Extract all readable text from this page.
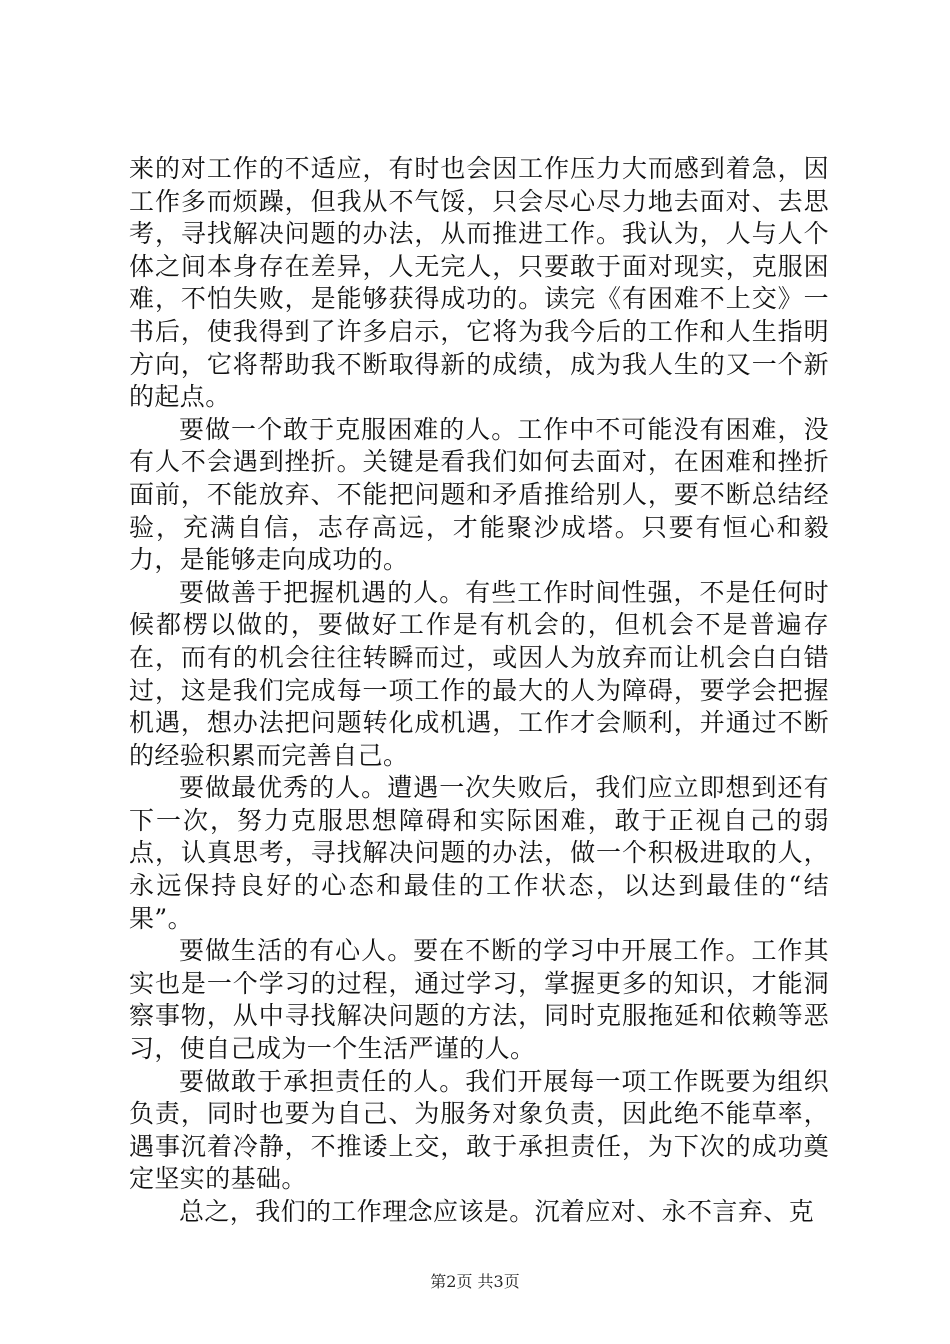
来的对工作的不适应，有时也会因工作压力大而感到着急，因工作多而烦躁，但我从不气馁，只会尽心尽力地去面对、去思考，寻找解决问题的办法，从而推进工作。我认为，人与人个体之间本身存在差异，人无完人，只要敢于面对现实，克服困难，不怕失败，是能够获得成功的。读完《有困难不上交》一书后，使我得到了许多启示，它将为我今后的工作和人生指明方向，它将帮助我不断取得新的成绩，成为我人生的又一个新的起点。

要做一个敢于克服困难的人。工作中不可能没有困难，没有人不会遇到挫折。关键是看我们如何去面对，在困难和挫折面前，不能放弃、不能把问题和矛盾推给别人，要不断总结经验，充满自信，志存高远，才能聚沙成塔。只要有恒心和毅力，是能够走向成功的。

要做善于把握机遇的人。有些工作时间性强，不是任何时候都楞以做的，要做好工作是有机会的，但机会不是普遍存在，而有的机会往往转瞬而过，或因人为放弃而让机会白白错过，这是我们完成每一项工作的最大的人为障碍，要学会把握机遇，想办法把问题转化成机遇，工作才会顺利，并通过不断的经验积累而完善自己。

要做最优秀的人。遭遇一次失败后，我们应立即想到还有下一次，努力克服思想障碍和实际困难，敢于正视自己的弱点，认真思考，寻找解决问题的办法，做一个积极进取的人，永远保持良好的心态和最佳的工作状态，以达到最佳的“结果”。

要做生活的有心人。要在不断的学习中开展工作。工作其实也是一个学习的过程，通过学习，掌握更多的知识，才能洞察事物，从中寻找解决问题的方法，同时克服拖延和依赖等恶习，使自己成为一个生活严谨的人。

要做敢于承担责任的人。我们开展每一项工作既要为组织负责，同时也要为自己、为服务对象负责，因此绝不能草率，遇事沉着冷静，不推诿上交，敢于承担责任，为下次的成功奠定坚实的基础。

总之，我们的工作理念应该是。沉着应对、永不言弃、克

第2页 共3页
